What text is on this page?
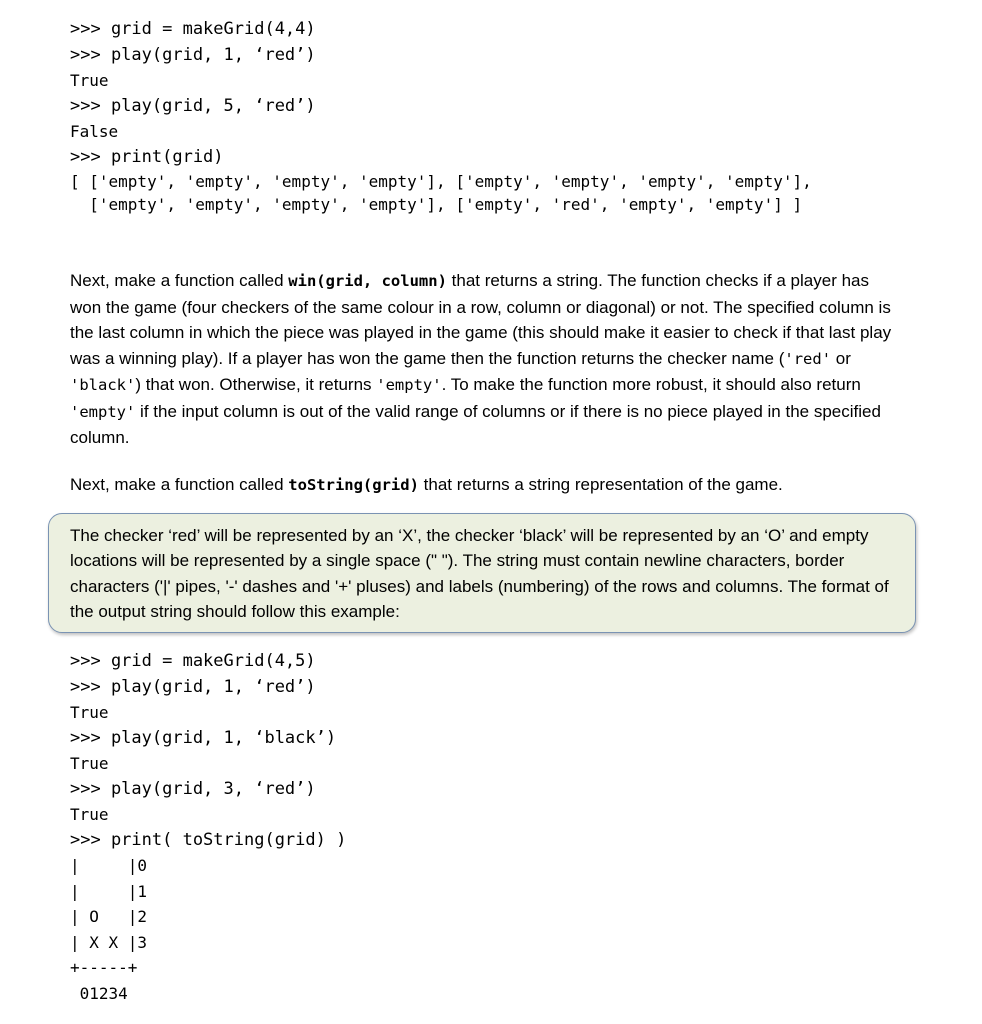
>>> grid = makeGrid(4,4)
>>> play(grid, 1, ‘red’)
True
>>> play(grid, 5, ‘red’)
False
>>> print(grid)
[ ['empty', 'empty', 'empty', 'empty'], ['empty', 'empty', 'empty', 'empty'],
['empty', 'empty', 'empty', 'empty'], ['empty', 'red', 'empty', 'empty'] ]
Next, make a function called win(grid, column) that returns a string. The function checks if a player has won the game (four checkers of the same colour in a row, column or diagonal) or not. The specified column is the last column in which the piece was played in the game (this should make it easier to check if that last play was a winning play). If a player has won the game then the function returns the checker name ('red' or 'black') that won. Otherwise, it returns 'empty'. To make the function more robust, it should also return 'empty' if the input column is out of the valid range of columns or if there is no piece played in the specified column.
Next, make a function called toString(grid) that returns a string representation of the game.
The checker ‘red’ will be represented by an ‘X’, the checker ‘black’ will be represented by an ‘O’ and empty locations will be represented by a single space (" "). The string must contain newline characters, border characters ('|' pipes, '-' dashes and '+' pluses) and labels (numbering) of the rows and columns. The format of the output string should follow this example:
>>> grid = makeGrid(4,5)
>>> play(grid, 1, ‘red’)
True
>>> play(grid, 1, ‘black’)
True
>>> play(grid, 3, ‘red’)
True
>>> print( toString(grid) )
|     |0
|     |1
| O   |2
| X X |3
+-----+
01234
